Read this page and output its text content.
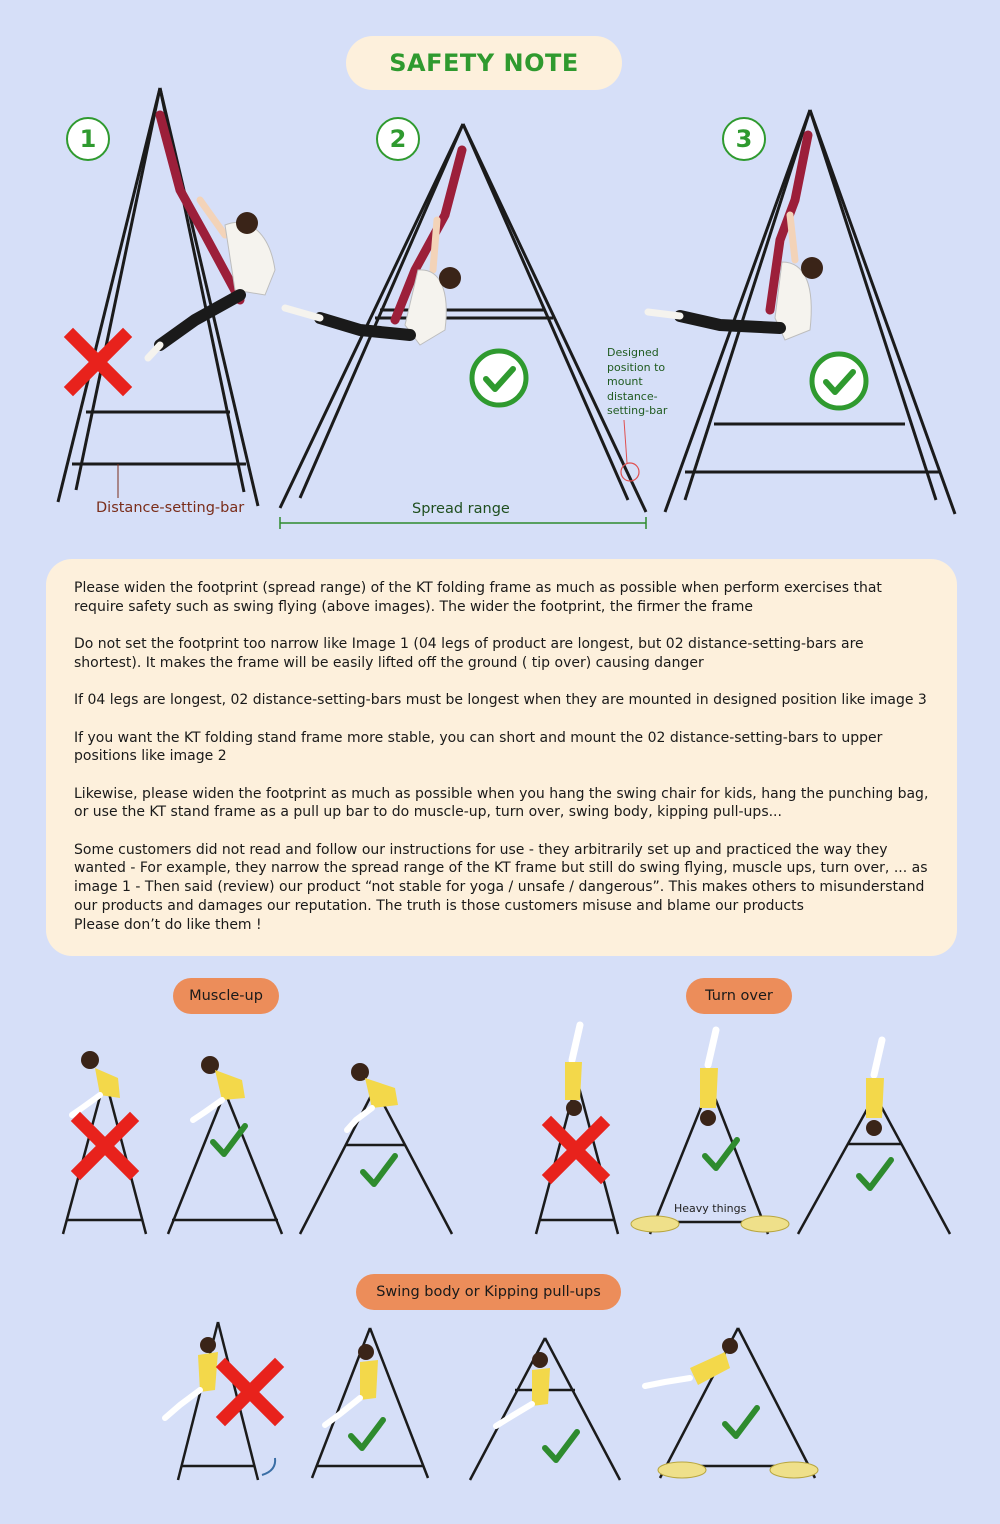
SAFETY NOTE
1	2	3
Distance-setting-bar	Spread range
Designed
position to
mount
distance-
setting-bar

Please widen the footprint (spread range) of the KT folding frame as much as possible when perform exercises that require safety such as swing flying (above images). The wider the footprint, the firmer the frame

Do not set the footprint too narrow like Image 1 (04 legs of product are longest, but 02 distance-setting-bars are shortest). It makes the frame will be easily lifted off the ground ( tip over) causing danger

If 04 legs are longest, 02 distance-setting-bars must be longest when they are mounted in designed position like image 3

If you want the KT folding stand frame more stable, you can short and mount the 02 distance-setting-bars to upper positions like image 2

Likewise, please widen the footprint as much as possible when you hang the swing chair for kids, hang the punching bag, or use the KT stand frame as a pull up bar to do muscle-up, turn over, swing body, kipping pull-ups...

Some customers did not read and follow our instructions for use - they arbitrarily set up and practiced the way they wanted - For example, they narrow the spread range of the KT frame but still do swing flying, muscle ups, turn over, ... as image 1 - Then said (review) our product “not stable for yoga / unsafe / dangerous”. This makes others to misunderstand our products and damages our reputation. The truth is those customers misuse and blame our products

Please don’t do like them !

Muscle-up	Turn over
Swing body or Kipping pull-ups
Heavy things
